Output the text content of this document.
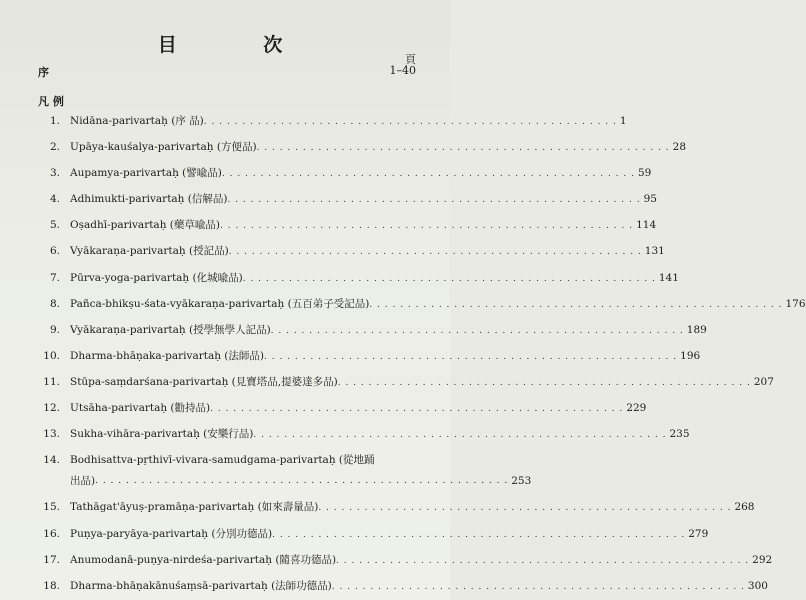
目 次
頁
序	1–40
凡 例
1. Nidāna-parivartaḥ (序 品) . . . . . . . . . . . . . . . . . . . . . . . . . . . . . . . . . . . . . . . . . . . . . . . . . . . . . . 1
2. Upāya-kauśalya-parivartaḥ (方便品) . . . . . . . . . . . . . . . . . . . . . . . . . . . . . . . . . . . . . . . . . . . . . . . . . . . . . . 28
3. Aupamya-parivartaḥ (譬喩品) . . . . . . . . . . . . . . . . . . . . . . . . . . . . . . . . . . . . . . . . . . . . . . . . . . . . . . 59
4. Adhimukti-parivartaḥ (信解品) . . . . . . . . . . . . . . . . . . . . . . . . . . . . . . . . . . . . . . . . . . . . . . . . . . . . . . 95
5. Oṣadhī-parivartaḥ (藥草喩品) . . . . . . . . . . . . . . . . . . . . . . . . . . . . . . . . . . . . . . . . . . . . . . . . . . . . . . 114
6. Vyākaraṇa-parivartaḥ (授記品) . . . . . . . . . . . . . . . . . . . . . . . . . . . . . . . . . . . . . . . . . . . . . . . . . . . . . . 131
7. Pūrva-yoga-parivartaḥ (化城喩品) . . . . . . . . . . . . . . . . . . . . . . . . . . . . . . . . . . . . . . . . . . . . . . . . . . . . . . 141
8. Pañca-bhikṣu-śata-vyākaraṇa-parivartaḥ (五百弟子受記品) . . . . . . . . . . . . . . . . . . . . . . . . . . . . . . . . . . . . . . . . . . . . . . . . . . . . . . 176
9. Vyākaraṇa-parivartaḥ (授學無學人記品) . . . . . . . . . . . . . . . . . . . . . . . . . . . . . . . . . . . . . . . . . . . . . . . . . . . . . . 189
10. Dharma-bhāṇaka-parivartaḥ (法師品) . . . . . . . . . . . . . . . . . . . . . . . . . . . . . . . . . . . . . . . . . . . . . . . . . . . . . . 196
11. Stūpa-saṃdarśana-parivartaḥ (見寶塔品,提婆達多品) . . . . . . . . . . . . . . . . . . . . . . . . . . . . . . . . . . . . . . . . . . . . . . . . . . . . . . 207
12. Utsāha-parivartaḥ (勸持品) . . . . . . . . . . . . . . . . . . . . . . . . . . . . . . . . . . . . . . . . . . . . . . . . . . . . . . 229
13. Sukha-vihāra-parivartaḥ (安樂行品) . . . . . . . . . . . . . . . . . . . . . . . . . . . . . . . . . . . . . . . . . . . . . . . . . . . . . . 235
14. Bodhisattva-pṛthivī-vivara-samudgama-parivartaḥ (從地踊
出品) . . . . . . . . . . . . . . . . . . . . . . . . . . . . . . . . . . . . . . . . . . . . . . . . . . . . . . 253
15. Tathāgat'āyuṣ-pramāṇa-parivartaḥ (如來壽量品) . . . . . . . . . . . . . . . . . . . . . . . . . . . . . . . . . . . . . . . . . . . . . . . . . . . . . . 268
16. Puṇya-paryāya-parivartaḥ (分別功德品) . . . . . . . . . . . . . . . . . . . . . . . . . . . . . . . . . . . . . . . . . . . . . . . . . . . . . . 279
17. Anumodanā-puṇya-nirdeśa-parivartaḥ (隨喜功德品) . . . . . . . . . . . . . . . . . . . . . . . . . . . . . . . . . . . . . . . . . . . . . . . . . . . . . . 292
18. Dharma-bhāṇakānuśaṃsā-parivartaḥ (法師功德品) . . . . . . . . . . . . . . . . . . . . . . . . . . . . . . . . . . . . . . . . . . . . . . . . . . . . . . 300
